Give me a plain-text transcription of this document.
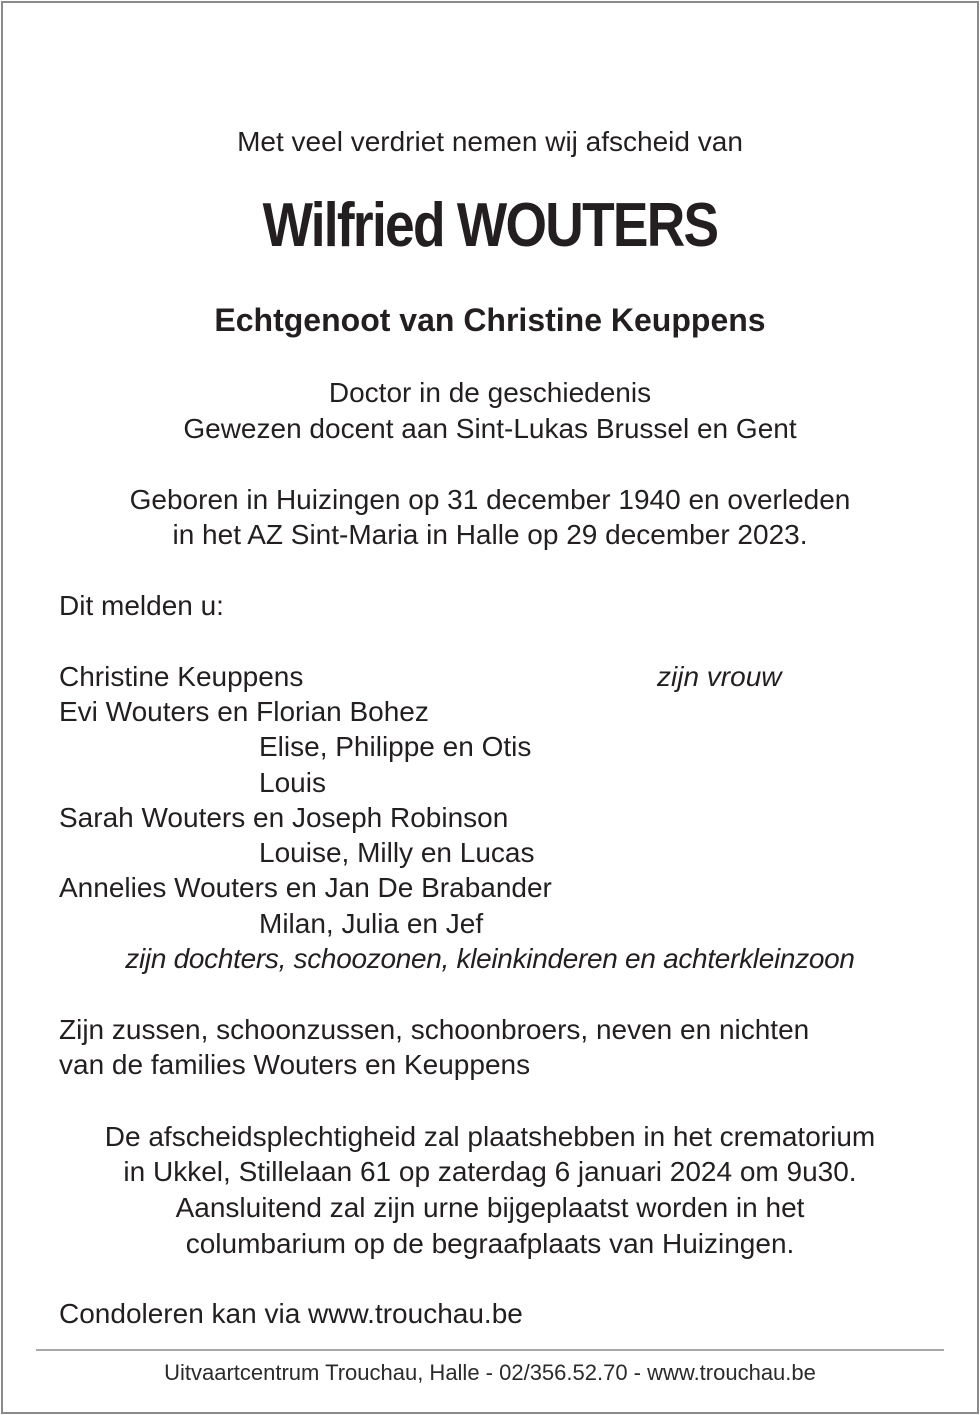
Met veel verdriet nemen wij afscheid van
Wilfried WOUTERS
Echtgenoot van Christine Keuppens
Doctor in de geschiedenis
Gewezen docent aan Sint-Lukas Brussel en Gent
Geboren in Huizingen op 31 december 1940 en overleden
in het AZ Sint-Maria in Halle op 29 december 2023.
Dit melden u:
Christine Keuppens	zijn vrouw
Evi Wouters en Florian Bohez
Elise, Philippe en Otis
Louis
Sarah Wouters en Joseph Robinson
Louise, Milly en Lucas
Annelies Wouters en Jan De Brabander
Milan, Julia en Jef
zijn dochters, schoozonen, kleinkinderen en achterkleinzoon
Zijn zussen, schoonzussen, schoonbroers, neven en nichten
van de families Wouters en Keuppens
De afscheidsplechtigheid zal plaatshebben in het crematorium
in Ukkel, Stillelaan 61 op zaterdag 6 januari 2024 om 9u30.
Aansluitend zal zijn urne bijgeplaatst worden in het
columbarium op de begraafplaats van Huizingen.
Condoleren kan via www.trouchau.be
Uitvaartcentrum Trouchau, Halle - 02/356.52.70 - www.trouchau.be
